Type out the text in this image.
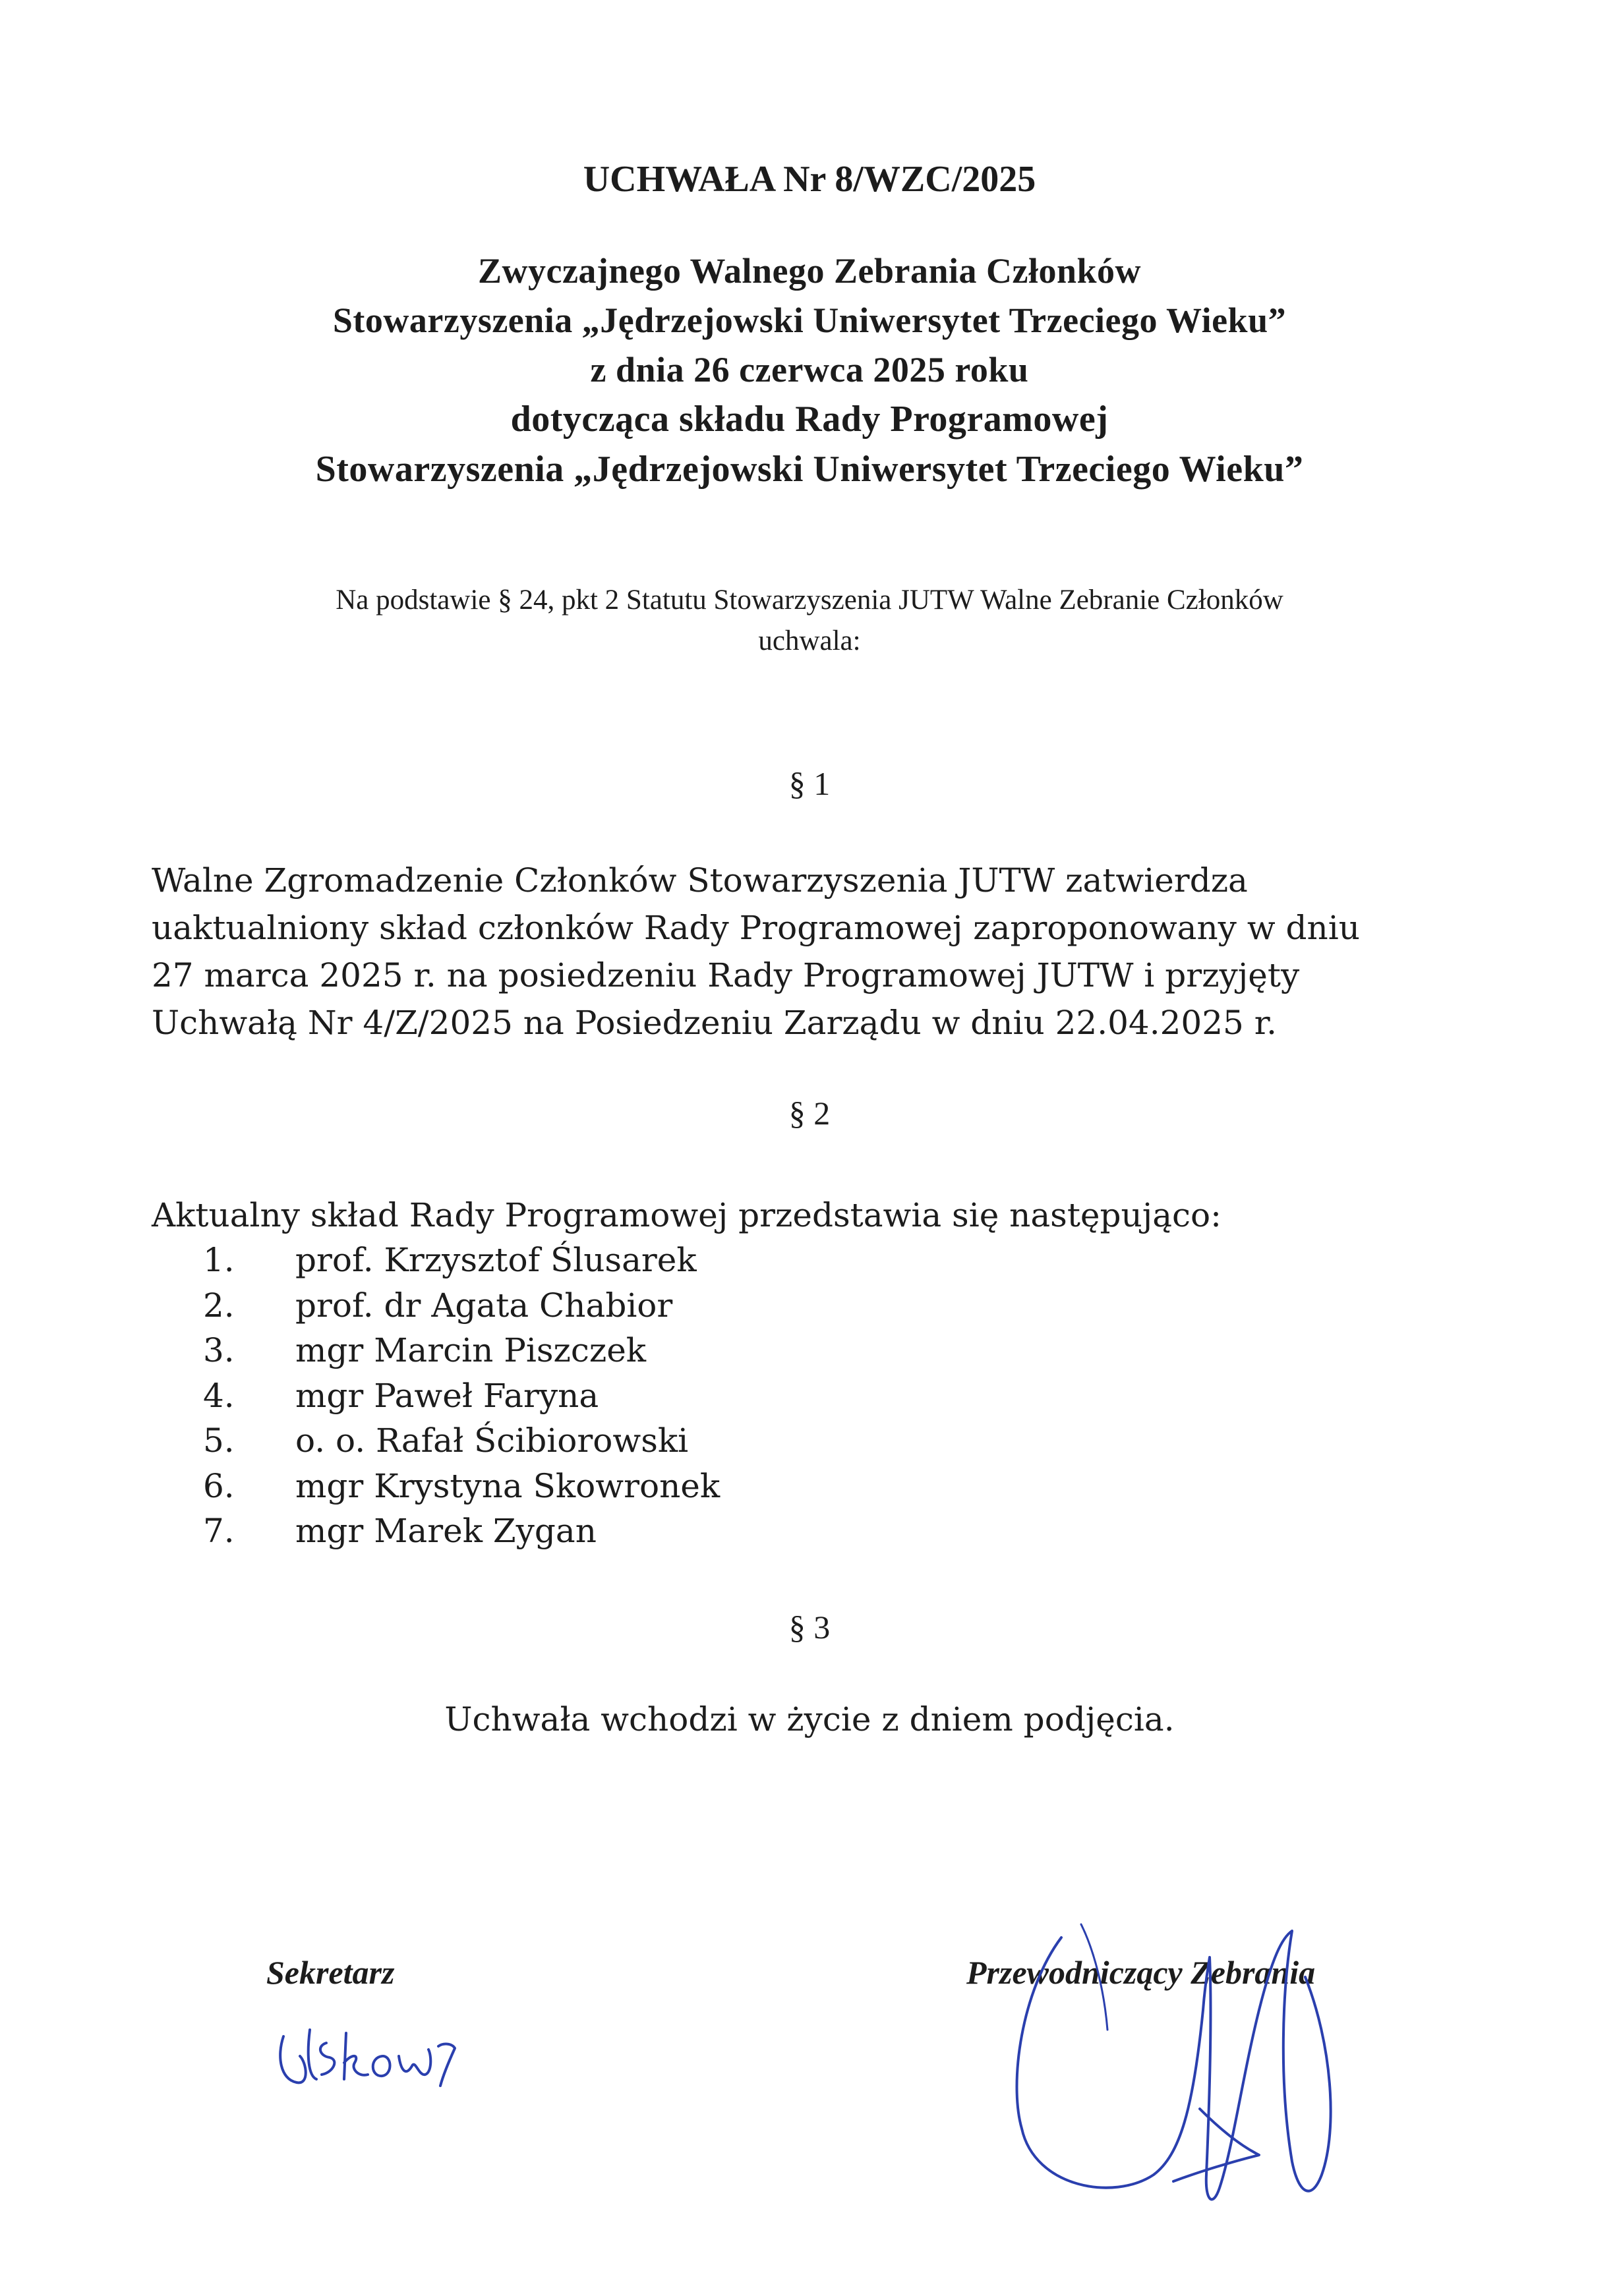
UCHWAŁA Nr 8/WZC/2025
Zwyczajnego Walnego Zebrania Członków
Stowarzyszenia „Jędrzejowski Uniwersytet Trzeciego Wieku”
z dnia 26 czerwca 2025 roku
dotycząca składu Rady Programowej
Stowarzyszenia „Jędrzejowski Uniwersytet Trzeciego Wieku”
Na podstawie § 24, pkt 2 Statutu Stowarzyszenia JUTW Walne Zebranie Członków
uchwala:
§ 1
Walne Zgromadzenie Członków Stowarzyszenia JUTW zatwierdza
uaktualniony skład członków Rady Programowej zaproponowany w dniu
27 marca 2025 r. na posiedzeniu Rady Programowej JUTW i przyjęty
Uchwałą Nr 4/Z/2025 na Posiedzeniu Zarządu w dniu 22.04.2025 r.
§ 2
Aktualny skład Rady Programowej przedstawia się następująco:
1. prof. Krzysztof Ślusarek
2. prof. dr Agata Chabior
3. mgr Marcin Piszczek
4. mgr Paweł Faryna
5. o. o. Rafał Ścibiorowski
6. mgr Krystyna Skowronek
7. mgr Marek Zygan
§ 3
Uchwała wchodzi w życie z dniem podjęcia.
Sekretarz	Przewodniczący Zebrania
